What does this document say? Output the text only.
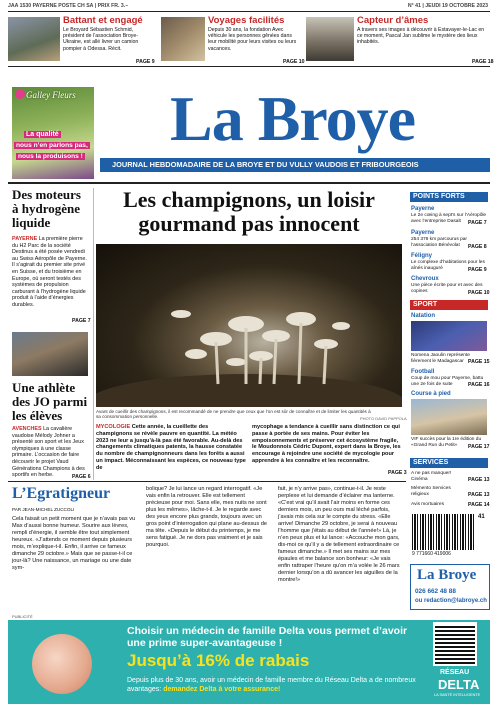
JAA 1530 PAYERNE POSTE CH SA | PRIX FR. 3.–	N° 41 | JEUDI 19 OCTOBRE 2023
Battant et engagé
Le Broyard Sébastien Schmid, président de l’association Broye-Ukraine, est allé livrer un camion pompier à Odessa. Récit.
PAGE 9
Voyages facilités
Depuis 30 ans, la fondation Avec véhicule les personnes gênées dans leur mobilité pour leurs visites ou leurs vacances.
PAGE 10
Capteur d’âmes
A travers ses images à découvrir à Estavayer-le-Lac en ce moment, Pascal Jan sublime le mystère des lieux inhabités.
PAGE 18
Galley Fleurs
La qualité
nous n’en parlons pas,
nous la produisons !
La Broye
JOURNAL HEBDOMADAIRE DE LA BROYE ET DU VULLY VAUDOIS ET FRIBOURGEOIS
Des moteurs à hydrogène liquide
PAYERNE La première pierre du H2 Parc de la société Destinus a été posée vendredi au Swiss Aéropôle de Payerne. Il s’agirait du premier site privé en Suisse, et du troisième en Europe, où seront testés des systèmes de propulsion carburant à l’hydrogène liquide produit à l’aide d’énergies durables.
PAGE 7
Une athlète des JO parmi les élèves
AVENCHES La cavalière vaudoise Mélody Johner a présenté son sport et les Jeux olympiques à une classe primaire. L’occasion de faire découvrir le projet Vaud Générations Champions à des sportifs en herbe.	PAGE 6
Les champignons, un loisir gourmand pas innocent
Avant de cueillir des champignons, il est recommandé de ne prendre que ceux que l’on est sûr de connaître et de limiter les quantités à sa consommation personnelle.	PHOTO DAVID PAPPOLA
MYCOLOGIE Cette année, la cueillette des champignons se révèle pauvre en quantité. La météo 2023 ne leur a jusqu’à-là pas été favorable. Au-delà des changements climatiques patents, la hausse constatée du nombre de champignonneurs dans les forêts a aussi un impact. Méconnaissant les espèces, ce nouveau type de
mycophage a tendance à cueillir sans distinction ce qui passe à portée de ses mains. Pour éviter les empoisonnements et préserver cet écosystème fragile, le Moudonnois Cédric Dupont, expert dans la Broye, les encourage à rejoindre une société de mycologie pour apprendre à les connaître et les reconnaître.
PAGE 3
POINTS FORTS
Payerne
Le 2e cœing à sept’s sur l’Aéropôle avec l’entreprise Dasalt	PAGE 7
Payerne
254 378 km parcourus par l’association Bénévolat	PAGE 8
Féligny
Le complexe d’habitations pour les aînés inauguré	PAGE 9
Chevroux
Une pièce écrite pour et avec des copines	PAGE 10
SPORT
Natation
Nomena Jaoulin représente fièrement le Madagascar PAGE 15
Football
Coup de mou pour Payerne, battu une 2e fois de suite	PAGE 16
Course à pied
VIF succès pour la 1re édition du «Grand Run du Petit»	PAGE 17
SERVICES
A ne pas manquer! Cinéma	PAGE 13
Mémento Services religieux	PAGE 13
Avis mortuaires	PAGE 14
9 771660 419006
41
La Broye
026 662 48 88
ou redaction@labroye.ch
L’Egratigneur
PAR JEAN-MICHEL ZUCCOLI
Cela faisait un petit moment que je n’avais pas vu Max d’aussi bonne humeur. Sourire aux lèvres, rempli d’énergie, il semble être tout simplement heureux. «J’attends ce moment depuis plusieurs mois, m’explique-t-il. Enfin, il arrive ce fameux dimanche 29 octobre.» Mais que se passe-t-il ce jour-là? Une naissance, un mariage ou une date sym-
bolique? Je lui lance un regard interrogatif. «Je vais enfin la retrouver. Elle est tellement précieuse pour moi. Sans elle, mes nuits ne sont plus les mêmes», lâche-t-il. Je le regarde avec des yeux encore plus grands, toujours avec un gros point d’interrogation qui plane au-dessus de ma tête. «Depuis le début du printemps, je me sens fatigué. Je ne dors pas vraiment et je sais pourquoi.
fait, je n’y arrive pas», continue-t-il. Je reste perplexe et lui demande d’éclairer ma lanterne. «C’est vrai qu’il avait l’air moins en forme ces derniers mois, un peu ours mal léché parfois, j’avais mis cela sur le compte du stress. «Elle arrive! Dimanche 29 octobre, je serai à nouveau l’homme que j’étais au début de l’année!» Là, je n’en peux plus et lui lance: «Accouche mon gars, dis-moi ce qu’il y a de tellement extraordinaire ce fameux dimanche.» Il met ses mains sur mes épaules et me balance son bonheur: «Je vais enfin rattraper l’heure qu’on m’a volée le 26 mars dernier lorsqu’on a dû avancer les aiguilles de la montre!»
PUBLICITÉ
Choisir un médecin de famille Delta vous permet d’avoir une prime super-avantageuse !
Jusqu’à 16% de rabais
Depuis plus de 30 ans, avoir un médecin de famille membre du Réseau Delta a de nombreux avantages: demandez Delta à votre assurance!
RÉSEAU
DELTA
LA SANTÉ INTELLIGENTE
